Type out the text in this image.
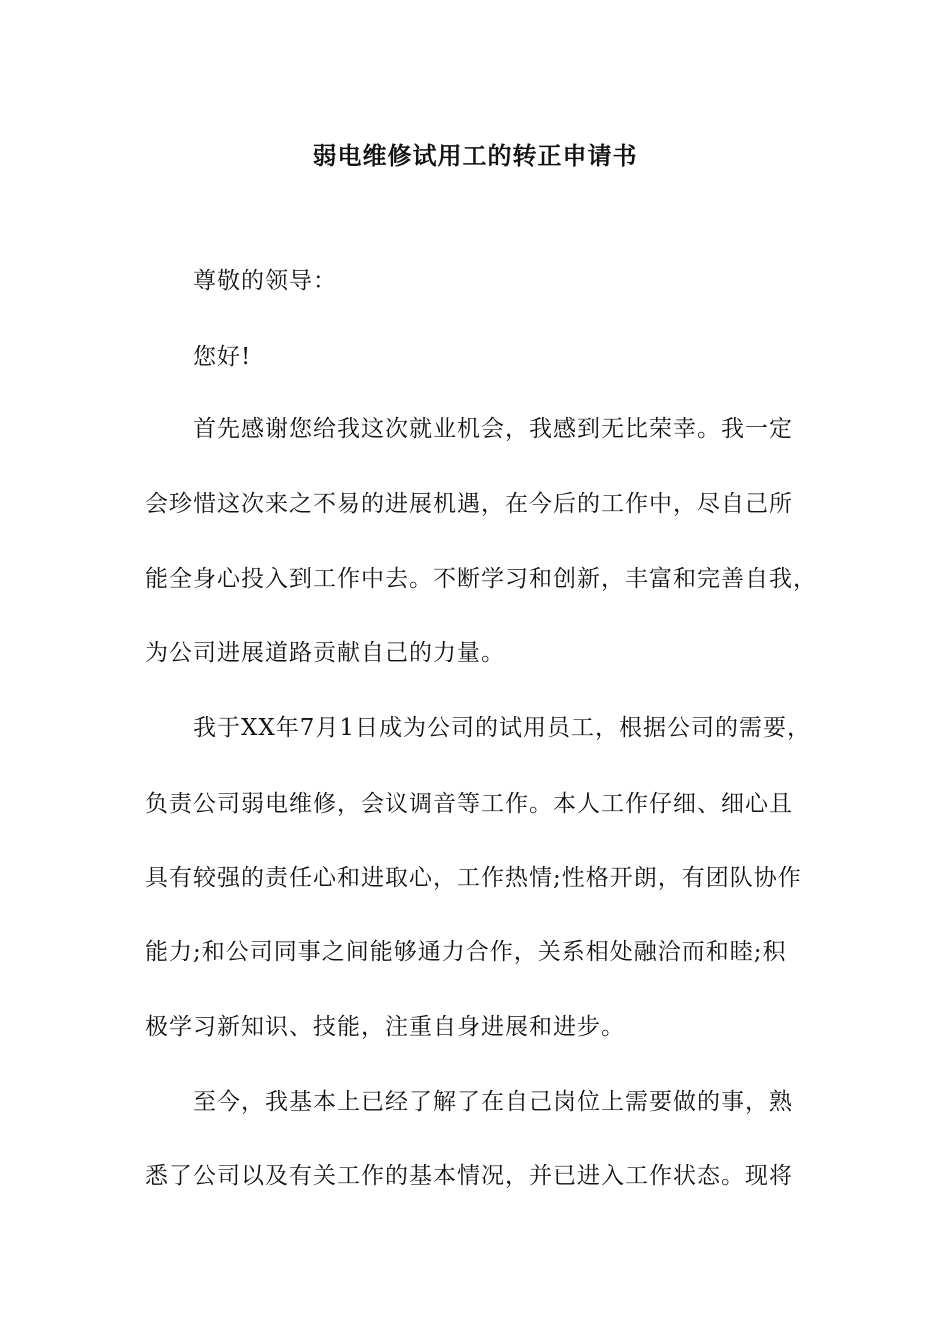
弱电维修试用工的转正申请书
尊敬的领导：
您好!
首先感谢您给我这次就业机会，我感到无比荣幸。我一定
会珍惜这次来之不易的进展机遇，在今后的工作中，尽自己所
能全身心投入到工作中去。不断学习和创新，丰富和完善自我，
为公司进展道路贡献自己的力量。
我于XX年7月1日成为公司的试用员工，根据公司的需要，
负责公司弱电维修，会议调音等工作。本人工作仔细、细心且
具有较强的责任心和进取心，工作热情;性格开朗，有团队协作
能力;和公司同事之间能够通力合作，关系相处融洽而和睦;积
极学习新知识、技能，注重自身进展和进步。
至今，我基本上已经了解了在自己岗位上需要做的事，熟
悉了公司以及有关工作的基本情况，并已进入工作状态。现将
